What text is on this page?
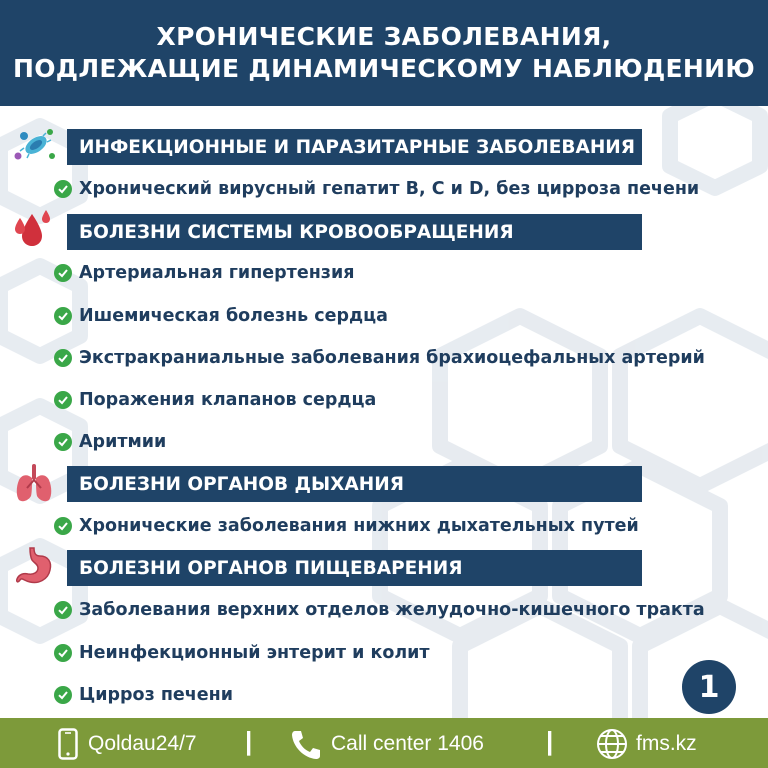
ХРОНИЧЕСКИЕ ЗАБОЛЕВАНИЯ,
ПОДЛЕЖАЩИЕ ДИНАМИЧЕСКОМУ НАБЛЮДЕНИЮ
ИНФЕКЦИОННЫЕ И ПАРАЗИТАРНЫЕ ЗАБОЛЕВАНИЯ
Хронический вирусный гепатит B, C и D, без цирроза печени
БОЛЕЗНИ СИСТЕМЫ КРОВООБРАЩЕНИЯ
Артериальная гипертензия
Ишемическая болезнь сердца
Экстракраниальные заболевания брахиоцефальных артерий
Поражения клапанов сердца
Аритмии
БОЛЕЗНИ ОРГАНОВ ДЫХАНИЯ
Хронические заболевания нижних дыхательных путей
БОЛЕЗНИ ОРГАНОВ ПИЩЕВАРЕНИЯ
Заболевания верхних отделов желудочно-кишечного тракта
Неинфекционный энтерит и колит
Цирроз печени	1
Qoldau24/7 |	Call center 1406 |	fms.kz
